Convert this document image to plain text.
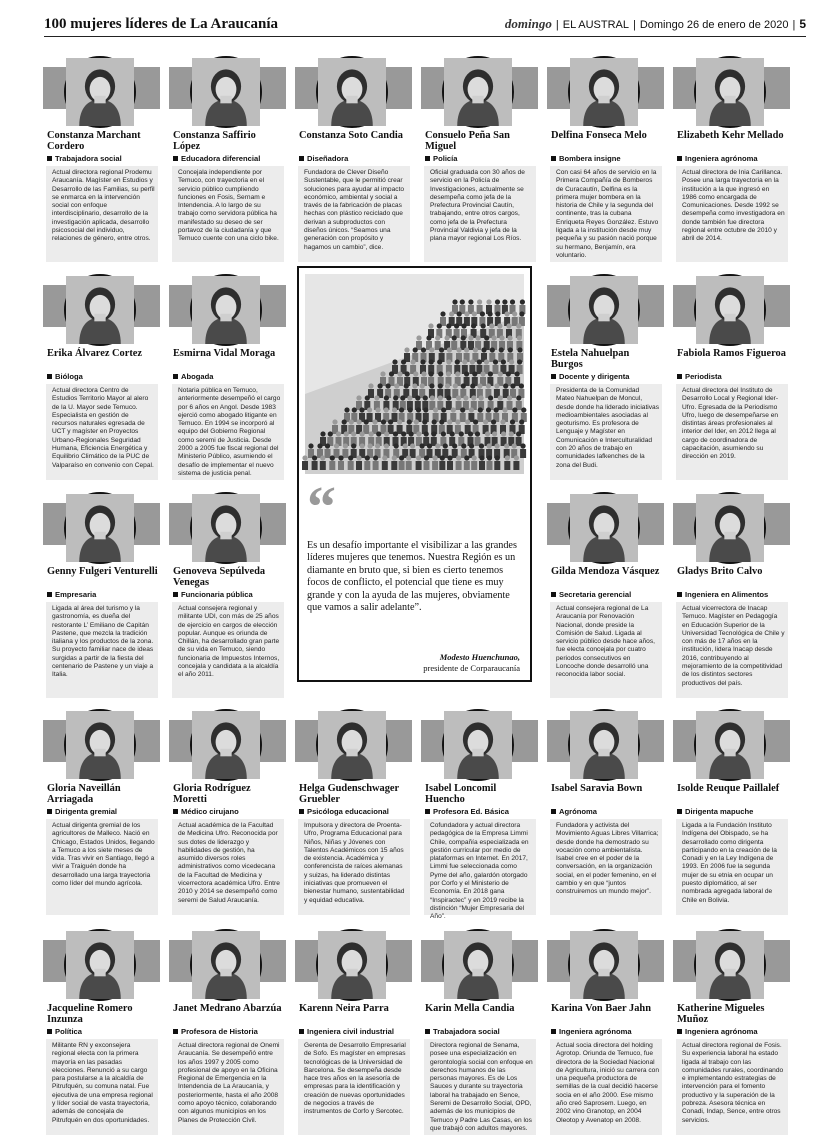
100 mujeres líderes de La Araucanía	domingo | EL AUSTRAL | Domingo 26 de enero de 2020 | 5
Constanza Marchant Cordero
Trabajadora social
Actual directora regional Prodemu Araucanía. Magíster en Estudios y Desarrollo de las Familias, su perfil se enmarca en la intervención social con enfoque interdisciplinario, desarrollo de la investigación aplicada, desarrollo psicosocial del individuo, relaciones de género, entre otros.
Constanza Saffirio López
Educadora diferencial
Concejala independiente por Temuco, con trayectoria en el servicio público cumpliendo funciones en Fosis, Sernam e Intendencia. A lo largo de su trabajo como servidora pública ha manifestado su deseo de ser portavoz de la ciudadanía y que Temuco cuente con una ciclo bike.
Constanza Soto Candia
Diseñadora
Fundadora de Clever Diseño Sustentable, que le permitió crear soluciones para ayudar al impacto económico, ambiental y social a través de la fabricación de placas hechas con plástico reciclado que derivan a subproductos con diseños únicos. “Seamos una generación con propósito y hagamos un cambio”, dice.
Consuelo Peña San Miguel
Policía
Oficial graduada con 30 años de servicio en la Policía de Investigaciones, actualmente se desempeña como jefa de la Prefectura Provincial Cautín, trabajando, entre otros cargos, como jefa de la Prefectura Provincial Valdivia y jefa de la plana mayor regional Los Ríos.
Delfina Fonseca Melo
Bombera insigne
Con casi 64 años de servicio en la Primera Compañía de Bomberos de Curacautín, Delfina es la primera mujer bombera en la historia de Chile y la segunda del continente, tras la cubana Enriqueta Reyes González. Estuvo ligada a la institución desde muy pequeña y su pasión nació porque su hermano, Benjamín, era voluntario.
Elizabeth Kehr Mellado
Ingeniera agrónoma
Actual directora de Inia Carillanca. Posee una larga trayectoria en la institución a la que ingresó en 1986 como encargada de Comunicaciones. Desde 1992 se desempeña como investigadora en donde también fue directora regional entre octubre de 2010 y abril de 2014.
Erika Álvarez Cortez
Bióloga
Actual directora Centro de Estudios Territorio Mayor al alero de la U. Mayor sede Temuco. Especialista en gestión de recursos naturales egresada de UCT y magíster en Proyectos Urbano-Regionales Seguridad Humana, Eficiencia Energética y Equilibrio Climático de la PUC de Valparaíso en convenio con Cepal.
Esmirna Vidal Moraga
Abogada
Notaria pública en Temuco, anteriormente desempeñó el cargo por 6 años en Angol. Desde 1983 ejerció como abogado litigante en Temuco. En 1994 se incorporó al equipo del Gobierno Regional como seremi de Justicia. Desde 2000 a 2005 fue fiscal regional del Ministerio Público, asumiendo el desafío de implementar el nuevo sistema de justicia penal.
Estela Nahuelpan Burgos
Docente y dirigenta
Presidenta de la Comunidad Mateo Nahuelpan de Moncul, desde donde ha liderado iniciativas medioambientales asociadas al geoturismo. Es profesora de Lenguaje y Magíster en Comunicación e Interculturalidad con 20 años de trabajo en comunidades lafkenches de la zona del Budi.
Fabiola Ramos Figueroa
Periodista
Actual directora del Instituto de Desarrollo Local y Regional Ider-Ufro. Egresada de la Periodismo Ufro, luego de desempeñarse en distintas áreas profesionales al interior del Ider, en 2012 llega al cargo de coordinadora de capacitación, asumiendo su dirección en 2019.
Genny Fulgeri Venturelli
Empresaria
Ligada al área del turismo y la gastronomía, es dueña del restorante L’ Emiliano de Capitán Pastene, que mezcla la tradición italiana y los productos de la zona. Su proyecto familiar nace de ideas surgidas a partir de la fiesta del centenario de Pastene y un viaje a Italia.
Genoveva Sepúlveda Venegas
Funcionaria pública
Actual consejera regional y militante UDI, con más de 25 años de ejercicio en cargos de elección popular. Aunque es oriunda de Chillán, ha desarrollado gran parte de su vida en Temuco, siendo funcionaria de Impuestos Internos, concejala y candidata a la alcaldía el año 2011.
Gilda Mendoza Vásquez
Secretaria gerencial
Actual consejera regional de La Araucanía por Renovación Nacional, donde preside la Comisión de Salud. Ligada al servicio público desde hace años, fue electa concejala por cuatro periodos consecutivos en Loncoche donde desarrolló una reconocida labor social.
Gladys Brito Calvo
Ingeniera en Alimentos
Actual vicerrectora de Inacap Temuco. Magíster en Pedagogía en Educación Superior de la Universidad Tecnológica de Chile y con más de 17 años en la institución, lidera Inacap desde 2016, contribuyendo al mejoramiento de la competitividad de los distintos sectores productivos del país.
Gloria Naveillán Arriagada
Dirigenta gremial
Actual dirigenta gremial de los agricultores de Malleco. Nació en Chicago, Estados Unidos, llegando a Temuco a los siete meses de vida. Tras vivir en Santiago, llegó a vivir a Traiguén donde ha desarrollado una larga trayectoria como líder del mundo agrícola.
Gloria Rodríguez Moretti
Médico cirujano
Actual académica de la Facultad de Medicina Ufro. Reconocida por sus dotes de liderazgo y habilidades de gestión, ha asumido diversos roles administrativos como vicedecana de la Facultad de Medicina y vicerrectora académica Ufro. Entre 2010 y 2014 se desempeñó como seremi de Salud Araucanía.
Helga Gudenschwager Gruebler
Psicóloga educacional
Impulsora y directora de Proenta-Ufro, Programa Educacional para Niños, Niñas y Jóvenes con Talentos Académicos con 15 años de existencia. Académica y conferencista de raíces alemanas y suizas, ha liderado distintas iniciativas que promueven el bienestar humano, sustentabilidad y equidad educativa.
Isabel Loncomil Huencho
Profesora Ed. Básica
Cofundadora y actual directora pedagógica de la Empresa Limmi Chile, compañía especializada en gestión curricular por medio de plataformas en Internet. En 2017, Limmi fue seleccionada como Pyme del año, galardón otorgado por Corfo y el Ministerio de Economía. En 2018 gana “Inspiractec” y en 2019 recibe la distinción “Mujer Empresaria del Año”.
Isabel Saravia Bown
Agrónoma
Fundadora y activista del Movimiento Aguas Libres Villarrica; desde donde ha demostrado su vocación como ambientalista. Isabel cree en el poder de la conversación, en la organización social, en el poder femenino, en el cambio y en que “juntos construiremos un mundo mejor”.
Isolde Reuque Paillalef
Dirigenta mapuche
Ligada a la Fundación Instituto Indígena del Obispado, se ha desarrollado como dirigenta participando en la creación de la Conadi y en la Ley Indígena de 1993. En 2006 fue la segunda mujer de su etnia en ocupar un puesto diplomático, al ser nombrada agregada laboral de Chile en Bolivia.
Jacqueline Romero Inzunza
Política
Militante RN y exconsejera regional electa con la primera mayoría en las pasadas elecciones. Renunció a su cargo para postularse a la alcaldía de Pitrufquén, su comuna natal. Fue ejecutiva de una empresa regional y líder social de vasta trayectoria, además de concejala de Pitrufquén en dos oportunidades.
Janet Medrano Abarzúa
Profesora de Historia
Actual directora regional de Onemi Araucanía. Se desempeñó entre los años 1997 y 2005 como profesional de apoyo en la Oficina Regional de Emergencia en la Intendencia de La Araucanía, y posteriormente, hasta el año 2008 como apoyo técnico, colaborando con algunos municipios en los Planes de Protección Civil.
Karenn Neira Parra
Ingeniera civil industrial
Gerenta de Desarrollo Empresarial de Sofo. Es magíster en empresas tecnológicas de la Universidad de Barcelona. Se desempeña desde hace tres años en la asesoría de empresas para la identificación y creación de nuevas oportunidades de negocios a través de instrumentos de Corfo y Sercotec.
Karin Mella Candia
Trabajadora social
Directora regional de Senama, posee una especialización en gerontología social con enfoque en derechos humanos de las personas mayores. Es de Los Sauces y durante su trayectoria laboral ha trabajado en Sence, Seremi de Desarrollo Social, OPD, además de los municipios de Temuco y Padre Las Casas, en los que trabajó con adultos mayores.
Karina Von Baer Jahn
Ingeniera agrónoma
Actual socia directora del holding Agrotop. Oriunda de Temuco, fue directora de la Sociedad Nacional de Agricultura, inició su carrera con una pequeña productora de semillas de la cual decidió hacerse socia en el año 2000. Ese mismo año creó Saprosem. Luego, en 2002 vino Granotop, en 2004 Oleotop y Avenatop en 2008.
Katherine Migueles Muñoz
Ingeniera agrónoma
Actual directora regional de Fosis. Su experiencia laboral ha estado ligada al trabajo con las comunidades rurales, coordinando e implementando estrategias de intervención para el fomento productivo y la superación de la pobreza. Asesora técnica en Conadi, Indap, Sence, entre otros servicios.
“
Es un desafío importante el visibilizar a las grandes líderes mujeres que tenemos. Nuestra Región es un diamante en bruto que, si bien es cierto tenemos focos de conflicto, el potencial que tiene es muy grande y con la ayuda de las mujeres, obviamente que vamos a salir adelante”.
Modesto Huenchunao,
presidente de Corparaucanía
